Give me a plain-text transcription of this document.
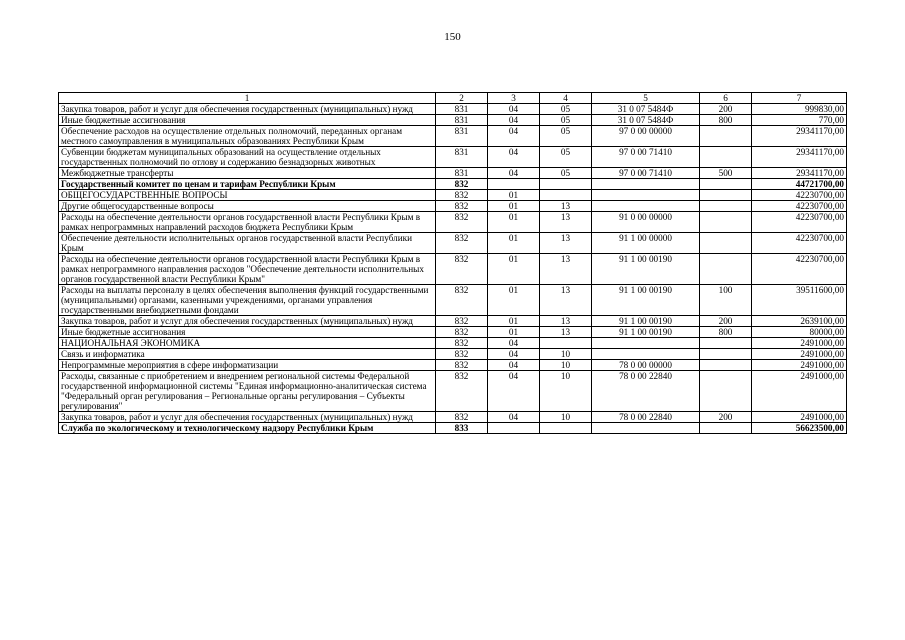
150
1	2	3	4	5	6	7
Закупка товаров, работ и услуг для обеспечения государственных (муниципальных) нужд	831	04	05	31 0 07 5484Ф	200	999830,00
Иные бюджетные ассигнования	831	04	05	31 0 07 5484Ф	800	770,00
Обеспечение расходов на осуществление отдельных полномочий, переданных органам местного самоуправления в муниципальных образованиях Республики Крым	831	04	05	97 0 00 00000		29341170,00
Субвенции бюджетам муниципальных образований на осуществление отдельных государственных полномочий по отлову и содержанию безнадзорных животных	831	04	05	97 0 00 71410		29341170,00
Межбюджетные трансферты	831	04	05	97 0 00 71410	500	29341170,00
Государственный комитет по ценам и тарифам Республики Крым	832					44721700,00
ОБЩЕГОСУДАРСТВЕННЫЕ ВОПРОСЫ	832	01				42230700,00
Другие общегосударственные вопросы	832	01	13			42230700,00
Расходы на обеспечение деятельности органов государственной власти Республики Крым в рамках непрограммных направлений расходов бюджета Республики Крым	832	01	13	91 0 00 00000		42230700,00
Обеспечение деятельности исполнительных органов государственной власти Республики Крым	832	01	13	91 1 00 00000		42230700,00
Расходы на обеспечение деятельности органов государственной власти Республики Крым в рамках непрограммного направления расходов "Обеспечение деятельности исполнительных органов государственной власти Республики Крым"	832	01	13	91 1 00 00190		42230700,00
Расходы на выплаты персоналу в целях обеспечения выполнения функций государственными (муниципальными) органами, казенными учреждениями, органами управления государственными внебюджетными фондами	832	01	13	91 1 00 00190	100	39511600,00
Закупка товаров, работ и услуг для обеспечения государственных (муниципальных) нужд	832	01	13	91 1 00 00190	200	2639100,00
Иные бюджетные ассигнования	832	01	13	91 1 00 00190	800	80000,00
НАЦИОНАЛЬНАЯ ЭКОНОМИКА	832	04				2491000,00
Связь и информатика	832	04	10			2491000,00
Непрограммные мероприятия в сфере информатизации	832	04	10	78 0 00 00000		2491000,00
Расходы, связанные с приобретением и внедрением региональной системы Федеральной государственной информационной системы "Единая информационно-аналитическая система "Федеральный орган регулирования – Региональные органы регулирования – Субъекты регулирования"	832	04	10	78 0 00 22840		2491000,00
Закупка товаров, работ и услуг для обеспечения государственных (муниципальных) нужд	832	04	10	78 0 00 22840	200	2491000,00
Служба по экологическому и технологическому надзору Республики Крым	833					56623500,00
